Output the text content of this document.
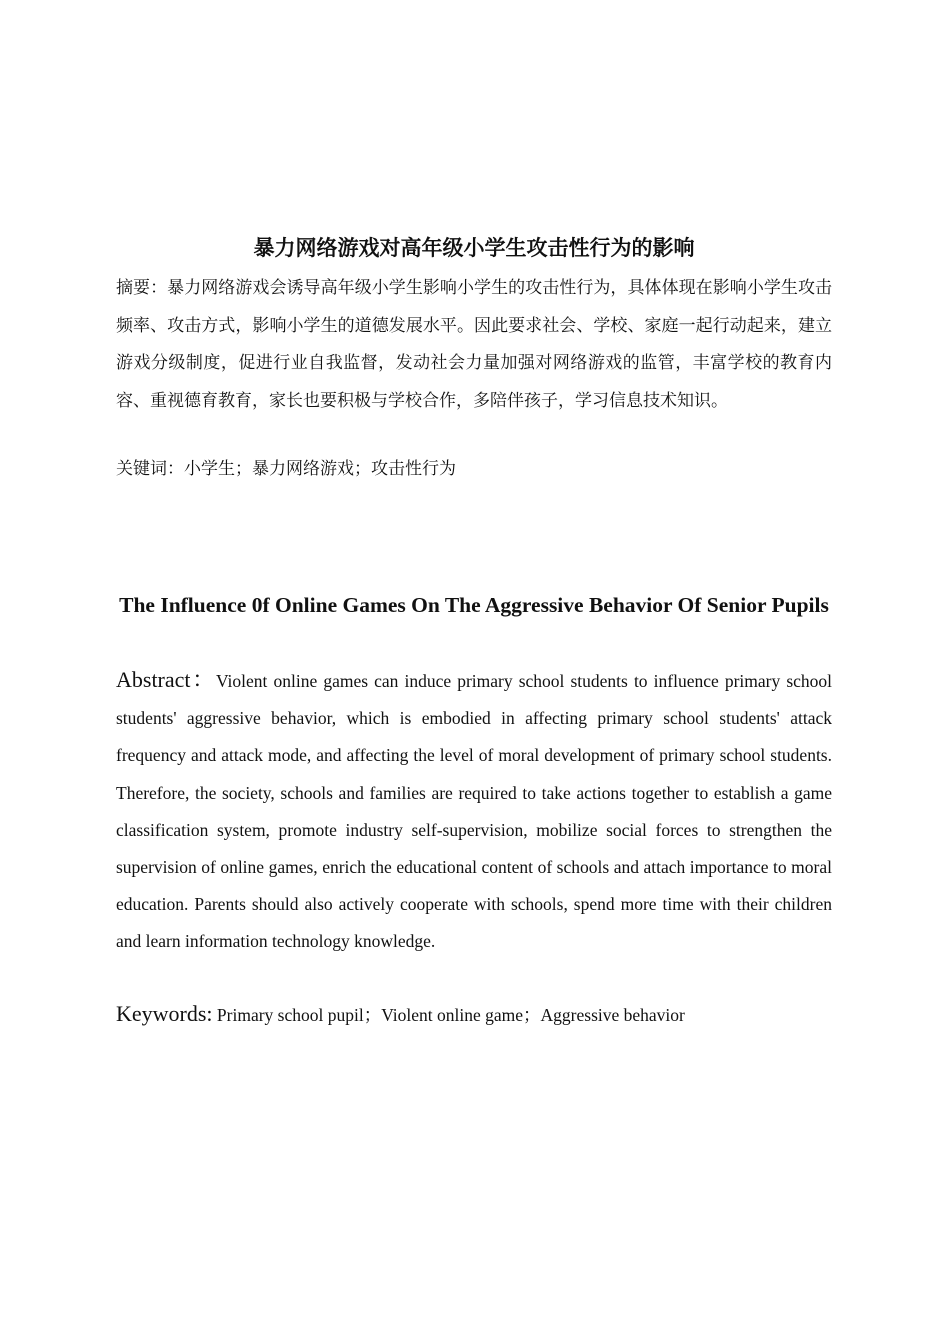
暴力网络游戏对高年级小学生攻击性行为的影响

摘要：暴力网络游戏会诱导高年级小学生影响小学生的攻击性行为，具体体现在影响小学生攻击频率、攻击方式，影响小学生的道德发展水平。因此要求社会、学校、家庭一起行动起来，建立游戏分级制度，促进行业自我监督，发动社会力量加强对网络游戏的监管，丰富学校的教育内容、重视德育教育，家长也要积极与学校合作，多陪伴孩子，学习信息技术知识。

关键词：小学生；暴力网络游戏；攻击性行为

The Influence 0f Online Games On The Aggressive Behavior Of Senior Pupils

Abstract：Violent online games can induce primary school students to influence primary school students' aggressive behavior, which is embodied in affecting primary school students' attack frequency and attack mode, and affecting the level of moral development of primary school students. Therefore, the society, schools and families are required to take actions together to establish a game classification system, promote industry self-supervision, mobilize social forces to strengthen the supervision of online games, enrich the educational content of schools and attach importance to moral education. Parents should also actively cooperate with schools, spend more time with their children and learn information technology knowledge.

Keywords: Primary school pupil；Violent online game；Aggressive behavior
